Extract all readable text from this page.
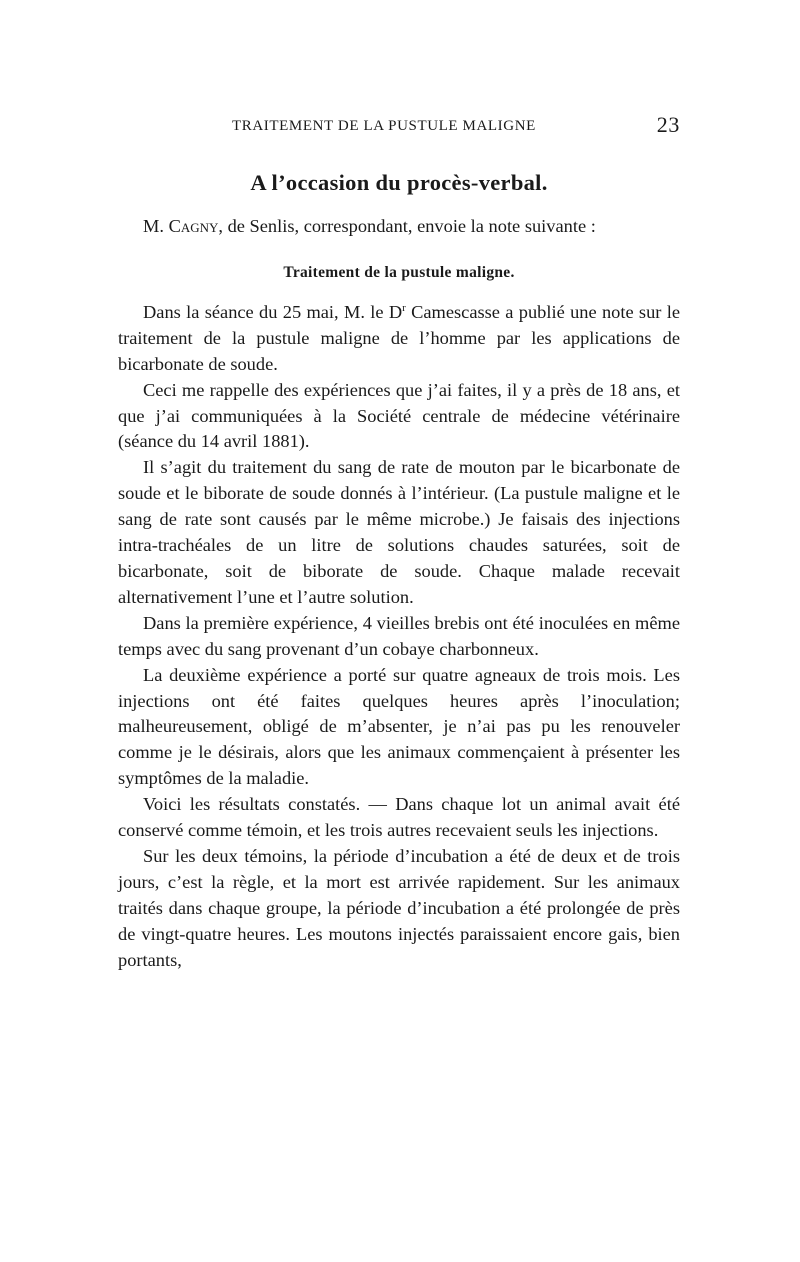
TRAITEMENT DE LA PUSTULE MALIGNE	23
A l’occasion du procès-verbal.

M. Cagny, de Senlis, correspondant, envoie la note suivante :

Traitement de la pustule maligne.

Dans la séance du 25 mai, M. le $D^r$ Camescasse a publié une note sur le traitement de la pustule maligne de l’homme par les applications de bicarbonate de soude.

Ceci me rappelle des expériences que j’ai faites, il y a près de 18 ans, et que j’ai communiquées à la Société centrale de médecine vétérinaire (séance du 14 avril 1881).

Il s’agit du traitement du sang de rate de mouton par le bicarbonate de soude et le biborate de soude donnés à l’intérieur. (La pustule maligne et le sang de rate sont causés par le même microbe.) Je faisais des injections intra-trachéales de un litre de solutions chaudes saturées, soit de bicarbonate, soit de biborate de soude. Chaque malade recevait alternativement l’une et l’autre solution.

Dans la première expérience, 4 vieilles brebis ont été inoculées en même temps avec du sang provenant d’un cobaye charbonneux.

La deuxième expérience a porté sur quatre agneaux de trois mois. Les injections ont été faites quelques heures après l’inoculation; malheureusement, obligé de m’absenter, je n’ai pas pu les renouveler comme je le désirais, alors que les animaux commençaient à présenter les symptômes de la maladie.

Voici les résultats constatés. — Dans chaque lot un animal avait été conservé comme témoin, et les trois autres recevaient seuls les injections.

Sur les deux témoins, la période d’incubation a été de deux et de trois jours, c’est la règle, et la mort est arrivée rapidement. Sur les animaux traités dans chaque groupe, la période d’incubation a été prolongée de près de vingt-quatre heures. Les moutons injectés paraissaient encore gais, bien portants,
